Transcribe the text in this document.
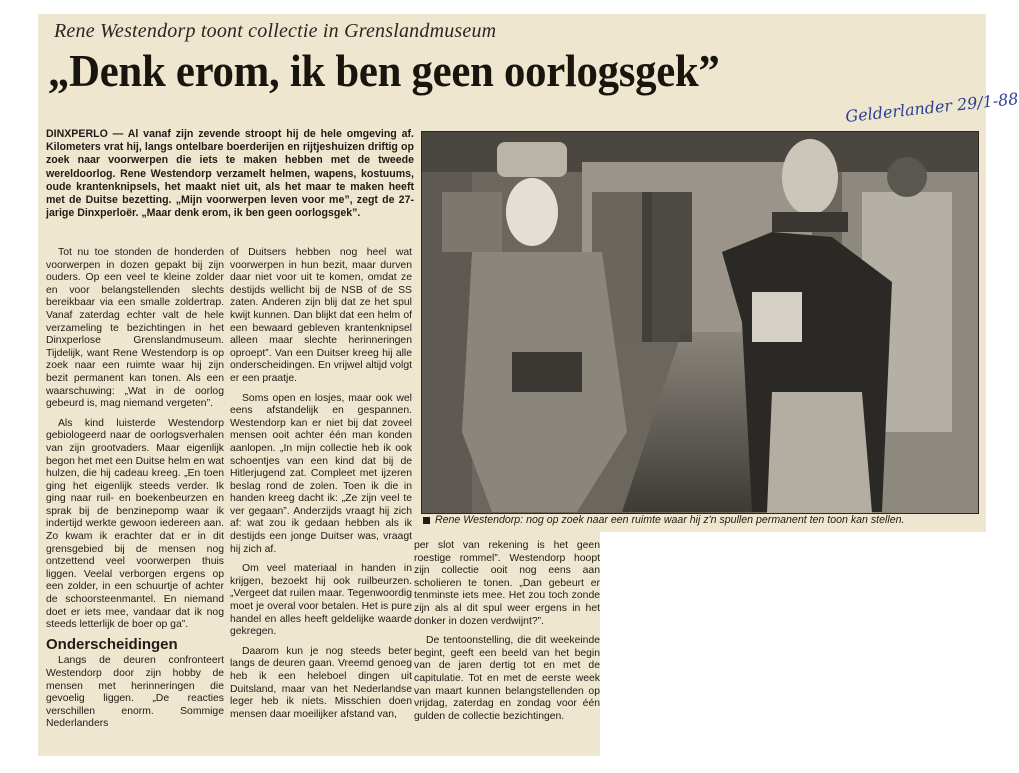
Rene Westendorp toont collectie in Grenslandmuseum
„Denk erom, ik ben geen oorlogsgek”
Gelderlander 29/1-88
DINXPERLO — Al vanaf zijn zevende stroopt hij de hele omgeving af. Kilometers vrat hij, langs ontelbare boerderijen en rijtjeshuizen driftig op zoek naar voorwerpen die iets te maken hebben met de tweede wereldoorlog. Rene Westendorp verzamelt helmen, wapens, kostuums, oude krantenknipsels, het maakt niet uit, als het maar te maken heeft met de Duitse bezetting. „Mijn voorwerpen leven voor me”, zegt de 27-jarige Dinxperloër. „Maar denk erom, ik ben geen oorlogsgek”.

Tot nu toe stonden de honderden voorwerpen in dozen gepakt bij zijn ouders. Op een veel te kleine zolder en voor belangstellenden slechts bereikbaar via een smalle zoldertrap. Vanaf zaterdag echter valt de hele verzameling te bezichtingen in het Dinxperlose Grenslandmuseum. Tijdelijk, want Rene Westendorp is op zoek naar een ruimte waar hij zijn bezit permanent kan tonen. Als een waarschuwing: „Wat in de oorlog gebeurd is, mag niemand vergeten”.

Als kind luisterde Westendorp gebiologeerd naar de oorlogsverhalen van zijn grootvaders. Maar eigenlijk begon het met een Duitse helm en wat hulzen, die hij cadeau kreeg. „En toen ging het eigenlijk steeds verder. Ik ging naar ruil- en boekenbeurzen en sprak bij de benzinepomp waar ik indertijd werkte gewoon iedereen aan. Zo kwam ik erachter dat er in dit grensgebied bij de mensen nog ontzettend veel voorwerpen thuis liggen. Veelal verborgen ergens op een zolder, in een schuurtje of achter de schoorsteenmantel. En niemand doet er iets mee, vandaar dat ik nog steeds letterlijk de boer op ga”.

Onderscheidingen

Langs de deuren confronteert Westendorp door zijn hobby de mensen met herinneringen die gevoelig liggen. „De reacties verschillen enorm. Sommige Nederlanders

of Duitsers hebben nog heel wat voorwerpen in hun bezit, maar durven daar niet voor uit te komen, omdat ze destijds wellicht bij de NSB of de SS zaten. Anderen zijn blij dat ze het spul kwijt kunnen. Dan blijkt dat een helm of een bewaard gebleven krantenknipsel alleen maar slechte herinneringen oproept”. Van een Duitser kreeg hij alle onderscheidingen. En vrijwel altijd volgt er een praatje.

Soms open en losjes, maar ook wel eens afstandelijk en gespannen. Westendorp kan er niet bij dat zoveel mensen ooit achter één man konden aanlopen. „In mijn collectie heb ik ook schoentjes van een kind dat bij de Hitlerjugend zat. Compleet met ijzeren beslag rond de zolen. Toen ik die in handen kreeg dacht ik: „Ze zijn veel te ver gegaan”. Anderzijds vraagt hij zich af: wat zou ik gedaan hebben als ik destijds een jonge Duitser was, vraagt hij zich af.

Om veel materiaal in handen in krijgen, bezoekt hij ook ruilbeurzen. „Vergeet dat ruilen maar. Tegenwoordig moet je overal voor betalen. Het is pure handel en alles heeft geldelijke waarde gekregen.

Daarom kun je nog steeds beter langs de deuren gaan. Vreemd genoeg heb ik een heleboel dingen uit Duitsland, maar van het Nederlandse leger heb ik niets. Misschien doen mensen daar moeilijker afstand van,

per slot van rekening is het geen roestige rommel”. Westendorp hoopt zijn collectie ooit nog eens aan scholieren te tonen. „Dan gebeurt er tenminste iets mee. Het zou toch zonde zijn als al dit spul weer ergens in het donker in dozen verdwijnt?”.

De tentoonstelling, die dit weekeinde begint, geeft een beeld van het begin van de jaren dertig tot en met de capitulatie. Tot en met de eerste week van maart kunnen belangstellenden op vrijdag, zaterdag en zondag voor één gulden de collectie bezichtingen.

Rene Westendorp: nog op zoek naar een ruimte waar hij z'n spullen permanent ten toon kan stellen.
